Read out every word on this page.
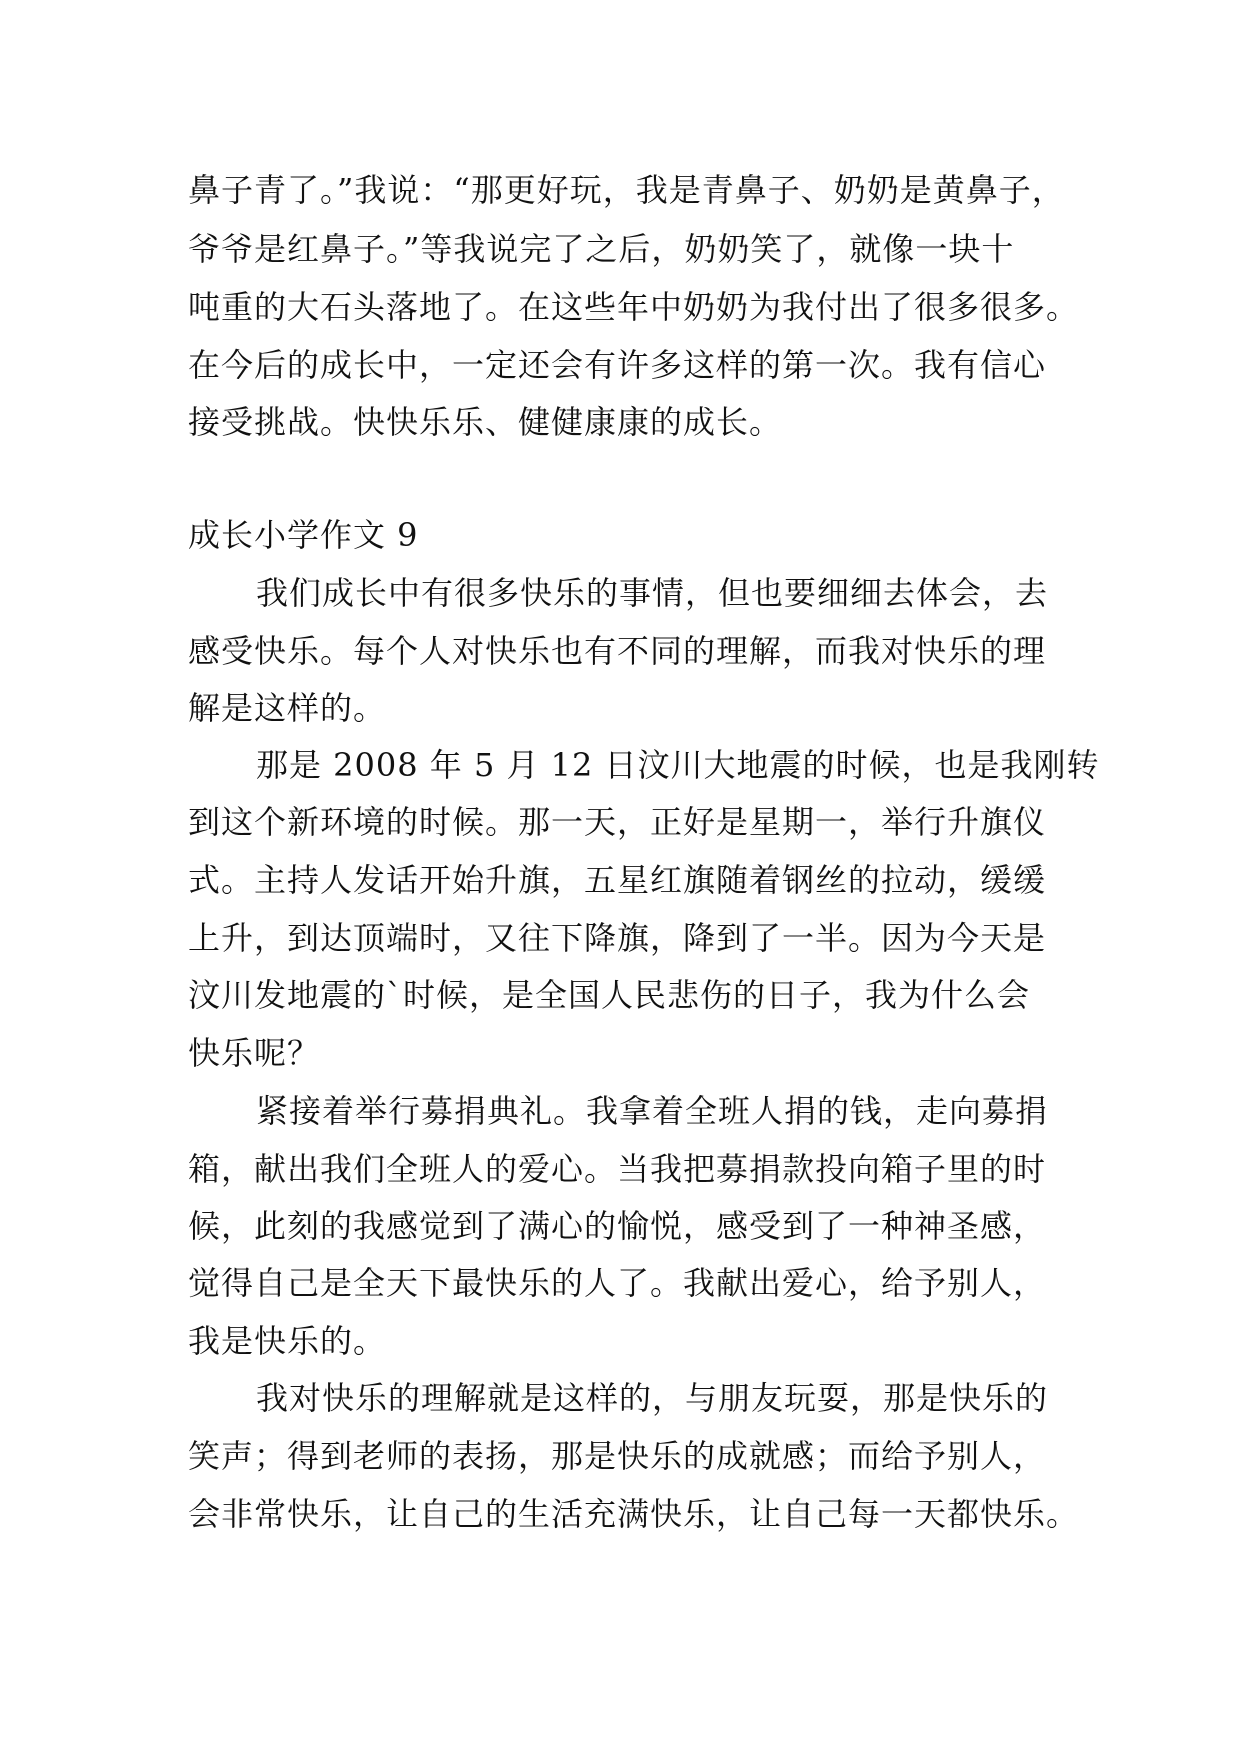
鼻子青了。”我说：“那更好玩，我是青鼻子、奶奶是黄鼻子，
爷爷是红鼻子。”等我说完了之后，奶奶笑了，就像一块十
吨重的大石头落地了。在这些年中奶奶为我付出了很多很多。
在今后的成长中，一定还会有许多这样的第一次。我有信心
接受挑战。快快乐乐、健健康康的成长。
成长小学作文 9
我们成长中有很多快乐的事情，但也要细细去体会，去
感受快乐。每个人对快乐也有不同的理解，而我对快乐的理
解是这样的。
那是 2008 年 5 月 12 日汶川大地震的时候，也是我刚转
到这个新环境的时候。那一天，正好是星期一，举行升旗仪
式。主持人发话开始升旗，五星红旗随着钢丝的拉动，缓缓
上升，到达顶端时，又往下降旗，降到了一半。因为今天是
汶川发地震的`时候，是全国人民悲伤的日子，我为什么会
快乐呢？
紧接着举行募捐典礼。我拿着全班人捐的钱，走向募捐
箱，献出我们全班人的爱心。当我把募捐款投向箱子里的时
候，此刻的我感觉到了满心的愉悦，感受到了一种神圣感，
觉得自己是全天下最快乐的人了。我献出爱心，给予别人，
我是快乐的。
我对快乐的理解就是这样的，与朋友玩耍，那是快乐的
笑声；得到老师的表扬，那是快乐的成就感；而给予别人，
会非常快乐，让自己的生活充满快乐，让自己每一天都快乐。
